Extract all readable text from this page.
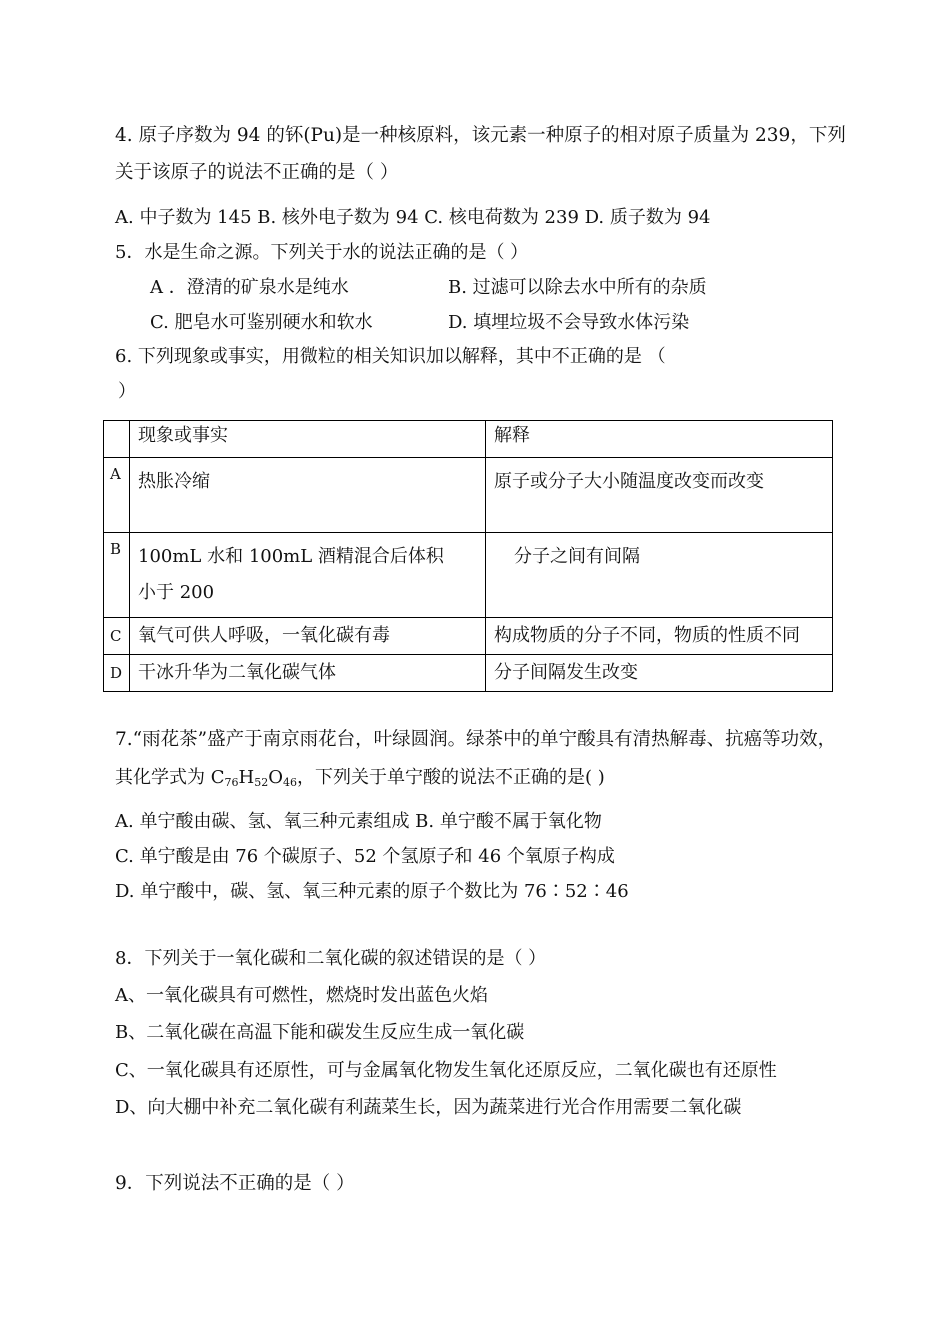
4. 原子序数为 94 的钚(Pu)是一种核原料，该元素一种原子的相对原子质量为 239，下列
关于该原子的说法不正确的是（ ）
A. 中子数为 145 B. 核外电子数为 94 C. 核电荷数为 239 D. 质子数为 94
5．水是生命之源。下列关于水的说法正确的是（ ）
A ．澄清的矿泉水是纯水	B. 过滤可以除去水中所有的杂质
C. 肥皂水可鉴别硬水和软水	D. 填埋垃圾不会导致水体污染
6. 下列现象或事实，用微粒的相关知识加以解释，其中不正确的是 （
）
	现象或事实	解释
A	热胀冷缩	原子或分子大小随温度改变而改变
B	100mL 水和 100mL 酒精混合后体积小于 200	分子之间有间隔
C	氧气可供人呼吸，一氧化碳有毒	构成物质的分子不同，物质的性质不同
D	干冰升华为二氧化碳气体	分子间隔发生改变
7.“雨花茶”盛产于南京雨花台，叶绿圆润。绿茶中的单宁酸具有清热解毒、抗癌等功效，
其化学式为 $C_{76}H_{52}O_{46}$，下列关于单宁酸的说法不正确的是( )
A. 单宁酸由碳、氢、氧三种元素组成 B. 单宁酸不属于氧化物
C. 单宁酸是由 76 个碳原子、52 个氢原子和 46 个氧原子构成
D. 单宁酸中，碳、氢、氧三种元素的原子个数比为 76∶52∶46
8．下列关于一氧化碳和二氧化碳的叙述错误的是（ ）
A、一氧化碳具有可燃性，燃烧时发出蓝色火焰
B、二氧化碳在高温下能和碳发生反应生成一氧化碳
C、一氧化碳具有还原性，可与金属氧化物发生氧化还原反应，二氧化碳也有还原性
D、向大棚中补充二氧化碳有利蔬菜生长，因为蔬菜进行光合作用需要二氧化碳
9．下列说法不正确的是（ ）
